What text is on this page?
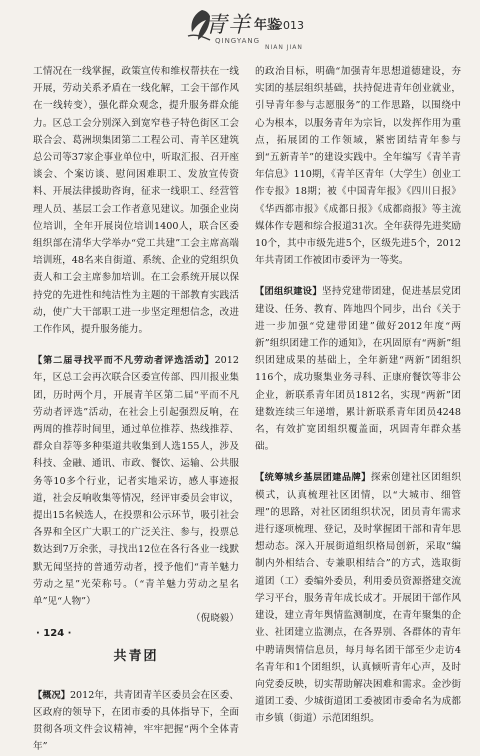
青羊 年鉴
2013
QINGYANG
NIAN JIAN

工情况在一线掌握，政策宣传和维权帮扶在一线开展，劳动关系矛盾在一线化解，工会干部作风在一线转变），强化群众观念，提升服务群众能力。区总工会分别深入到宽窄巷子特色街区工会联合会、葛洲坝集团第二工程公司、青羊区建筑总公司等37家企事业单位中，听取汇报、召开座谈会、个案访谈、慰问困难职工、发放宣传资料、开展法律援助咨询，征求一线职工、经营管理人员、基层工会工作者意见建议。加强企业岗位培训，全年开展岗位培训1400人，联合区委组织部在清华大学举办“党工共建”工会主席高端培训班，48名来自街道、系统、企业的党组织负责人和工会主席参加培训。在工会系统开展以保持党的先进性和纯洁性为主题的干部教育实践活动，使广大干部职工进一步坚定理想信念，改进工作作风，提升服务能力。

【第二届寻找平而不凡劳动者评选活动】2012年，区总工会再次联合区委宣传部、四川报业集团，历时两个月，开展青羊区第二届“平而不凡劳动者评选”活动，在社会上引起强烈反响，在两周的推荐时间里，通过单位推荐、热线推荐、群众自荐等多种渠道共收集到人选155人，涉及科技、金融、通讯、市政、餐饮、运输、公共服务等10多个行业，记者实地采访，感人事迹报道，社会反响收集等情况，经评审委员会审议，提出15名候选人，在投票和公示环节，吸引社会各界和全区广大职工的广泛关注、参与，投票总数达到7万余张，寻找出12位在各行各业一线默默无闻坚持的普通劳动者，授予他们“青羊魅力劳动之星”光荣称号。（“青羊魅力劳动之星名单”见“人物”）

（倪晓毅）

共青团

【概况】2012年，共青团青羊区委员会在区委、区政府的领导下，在团市委的具体指导下，全面贯彻各项文件会议精神，牢牢把握“两个全体青年”

的政治目标，明确“加强青年思想道德建设，夯实团的基层组织基础，扶持促进青年创业就业，引导青年参与志愿服务”的工作思路，以围绕中心为根本，以服务青年为宗旨，以发挥作用为重点，拓展团的工作领域，紧密团结青年参与到“五新青羊”的建设实践中。全年编写《青羊青年信息》110期，《青羊区青年（大学生）创业工作专报》18期；被《中国青年报》《四川日报》《华西都市报》《成都日报》《成都商报》等主流媒体作专题和综合报道31次。全年获得先进奖励10个，其中市级先进5个，区级先进5个，2012年共青团工作被团市委评为一等奖。

【团组织建设】坚持党建带团建，促进基层党团建设、任务、教育、阵地四个同步，出台《关于进一步加强“党建带团建”做好2012年度“两新”组织团建工作的通知》，在巩固原有“两新”组织团建成果的基础上，全年新建“两新”团组织116个，成功聚集业务寻科、正康府餐饮等非公企业，新联系青年团员1812名，实现“两新”团建数连续三年递增，累计新联系青年团员4248名，有效扩宽团组织覆盖面，巩固青年群众基础。

【统筹城乡基层团建品牌】探索创建社区团组织模式，认真梳理社区团情，以“大城市、细管理”的思路，对社区团组织状况，团员青年需求进行逐项梳理、登记，及时掌握团干部和青年思想动态。深入开展街道组织格局创新，采取“编制内外相结合、专兼职相结合”的方式，选取街道团（工）委编外委员，利用委员资源搭建交流学习平台，服务青年成长成才。开展团干部作风建设，建立青年舆情监测制度，在青年聚集的企业、社团建立监测点，在各界别、各群体的青年中聘请舆情信息员，每月每名团干部至少走访4名青年和1个团组织，认真倾听青年心声，及时向党委反映，切实帮助解决困难和需求。金沙街道团工委、少城街道团工委被团市委命名为成都市乡镇（街道）示范团组织。

· 124 ·
